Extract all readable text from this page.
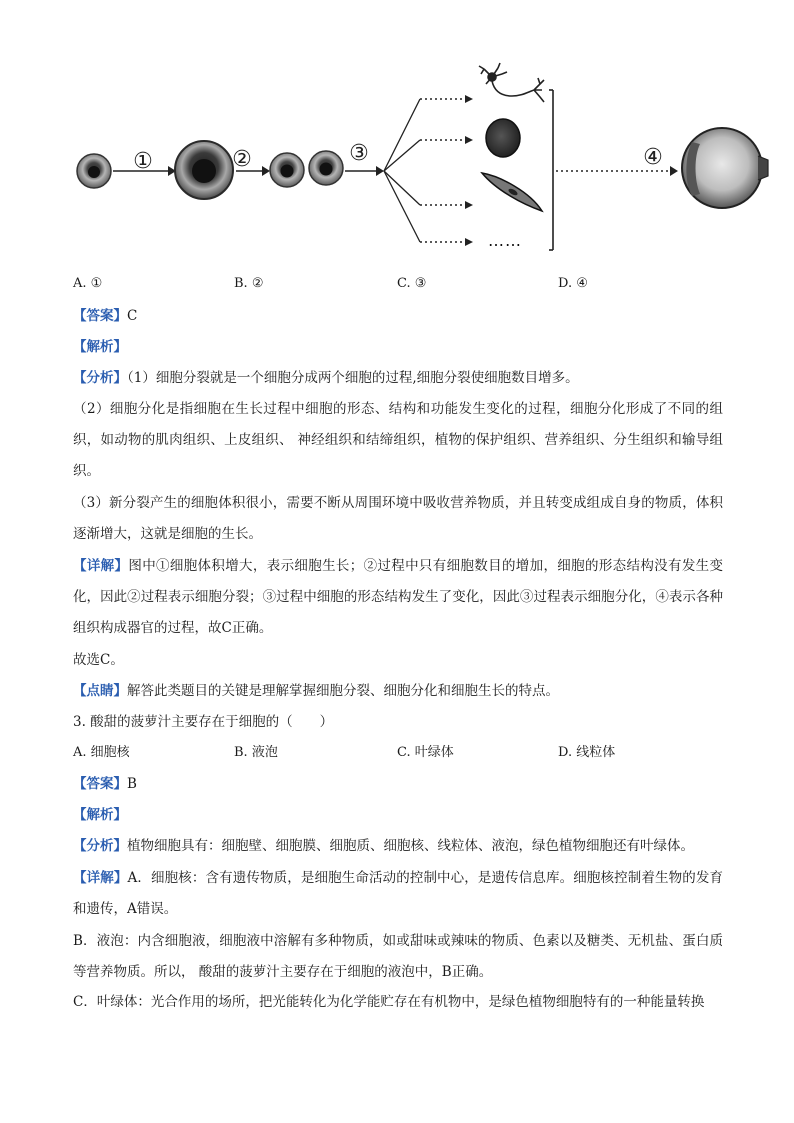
①	②	③
……
④
A. ①	B. ②	C. ③	D. ④
【答案】C
【解析】
【分析】（1）细胞分裂就是一个细胞分成两个细胞的过程,细胞分裂使细胞数目增多。
（2）细胞分化是指细胞在生长过程中细胞的形态、结构和功能发生变化的过程，细胞分化形成了不同的组织，如动物的肌肉组织、上皮组织、 神经组织和结缔组织，植物的保护组织、营养组织、分生组织和输导组织。
（3）新分裂产生的细胞体积很小，需要不断从周围环境中吸收营养物质，并且转变成组成自身的物质，体积逐渐增大，这就是细胞的生长。
【详解】图中①细胞体积增大，表示细胞生长；②过程中只有细胞数目的增加，细胞的形态结构没有发生变化，因此②过程表示细胞分裂；③过程中细胞的形态结构发生了变化，因此③过程表示细胞分化，④表示各种组织构成器官的过程，故C正确。
故选C。
【点睛】解答此类题目的关键是理解掌握细胞分裂、细胞分化和细胞生长的特点。
3. 酸甜的菠萝汁主要存在于细胞的（　　）
A. 细胞核	B. 液泡	C. 叶绿体	D. 线粒体
【答案】B
【解析】
【分析】植物细胞具有：细胞壁、细胞膜、细胞质、细胞核、线粒体、液泡，绿色植物细胞还有叶绿体。
【详解】A．细胞核：含有遗传物质，是细胞生命活动的控制中心，是遗传信息库。细胞核控制着生物的发育和遗传，A错误。
B．液泡：内含细胞液，细胞液中溶解有多种物质，如或甜味或辣味的物质、色素以及糖类、无机盐、蛋白质等营养物质。所以， 酸甜的菠萝汁主要存在于细胞的液泡中，B正确。
C．叶绿体：光合作用的场所，把光能转化为化学能贮存在有机物中，是绿色植物细胞特有的一种能量转换
